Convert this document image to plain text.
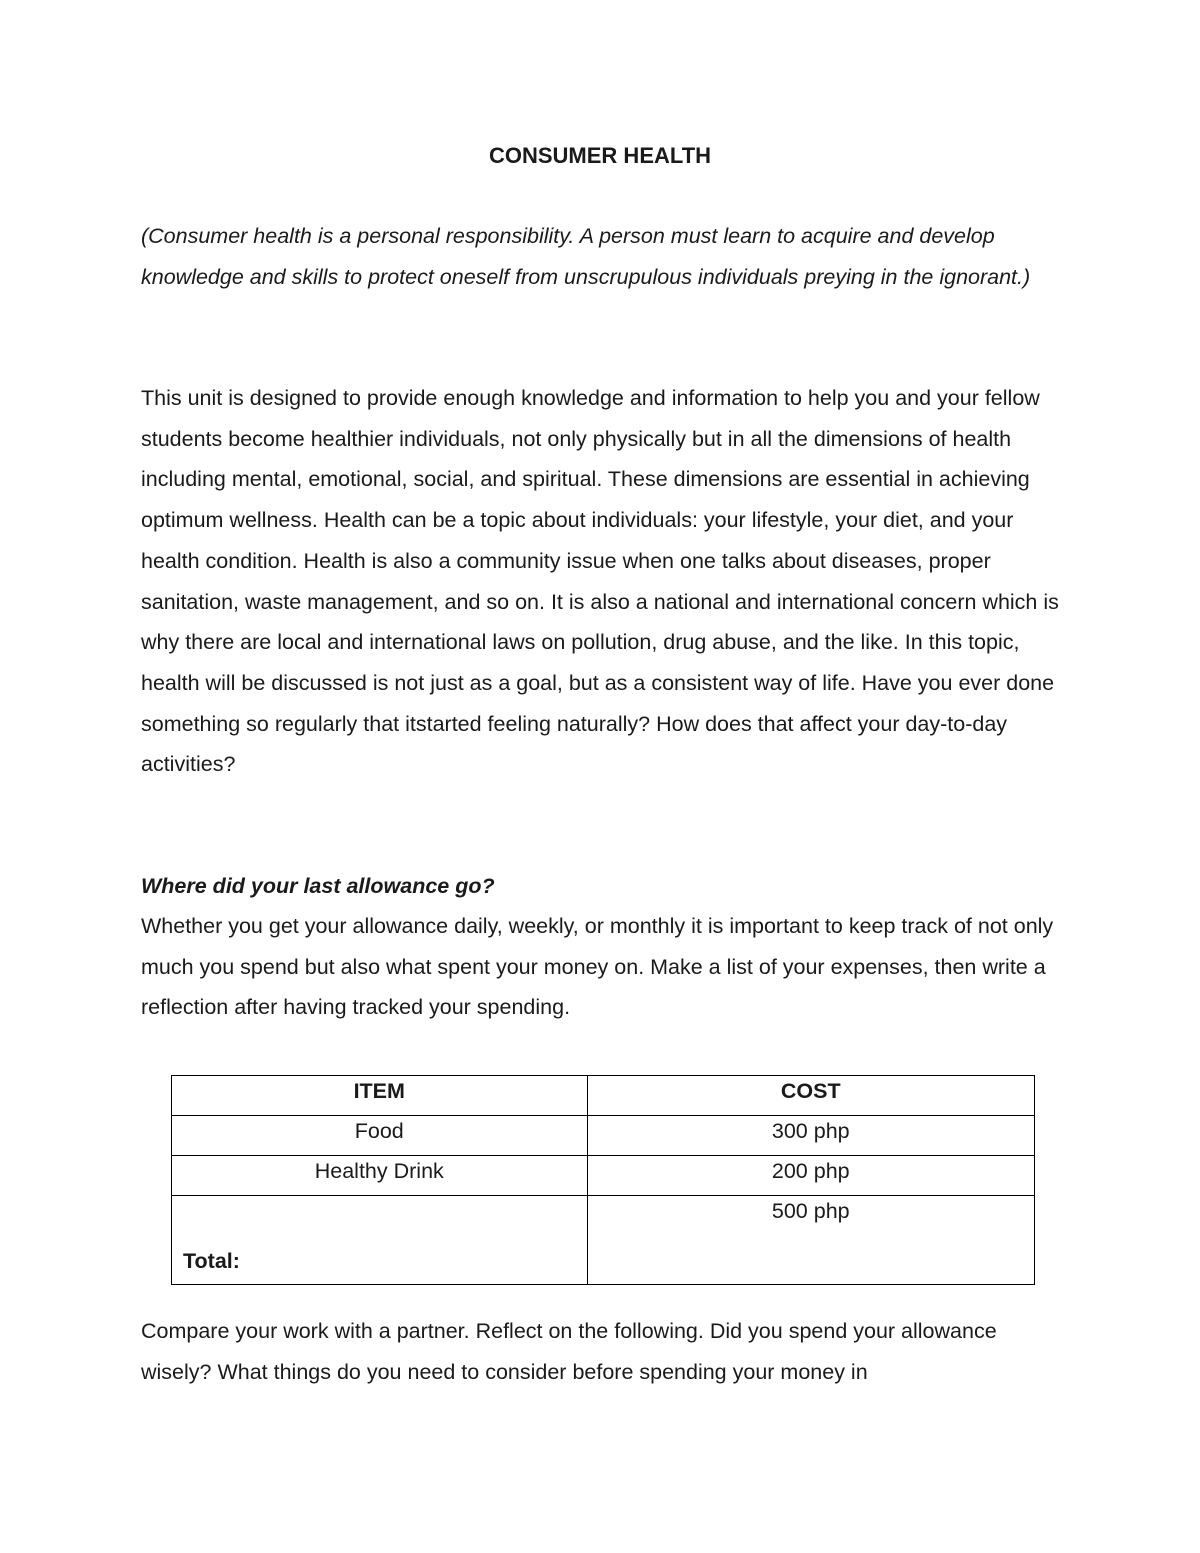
CONSUMER HEALTH

(Consumer health is a personal responsibility. A person must learn to acquire and develop knowledge and skills to protect oneself from unscrupulous individuals preying in the ignorant.)

This unit is designed to provide enough knowledge and information to help you and your fellow students become healthier individuals, not only physically but in all the dimensions of health including mental, emotional, social, and spiritual. These dimensions are essential in achieving optimum wellness. Health can be a topic about individuals: your lifestyle, your diet, and your health condition. Health is also a community issue when one talks about diseases, proper sanitation, waste management, and so on. It is also a national and international concern which is why there are local and international laws on pollution, drug abuse, and the like. In this topic, health will be discussed is not just as a goal, but as a consistent way of life. Have you ever done something so regularly that itstarted feeling naturally? How does that affect your day-to-day activities?

Where did your last allowance go?

Whether you get your allowance daily, weekly, or monthly it is important to keep track of not only much you spend but also what spent your money on. Make a list of your expenses, then write a reflection after having tracked your spending.

ITEM	COST
Food	300 php
Healthy Drink	200 php
Total:	500 php

Compare your work with a partner. Reflect on the following. Did you spend your allowance wisely? What things do you need to consider before spending your money in
